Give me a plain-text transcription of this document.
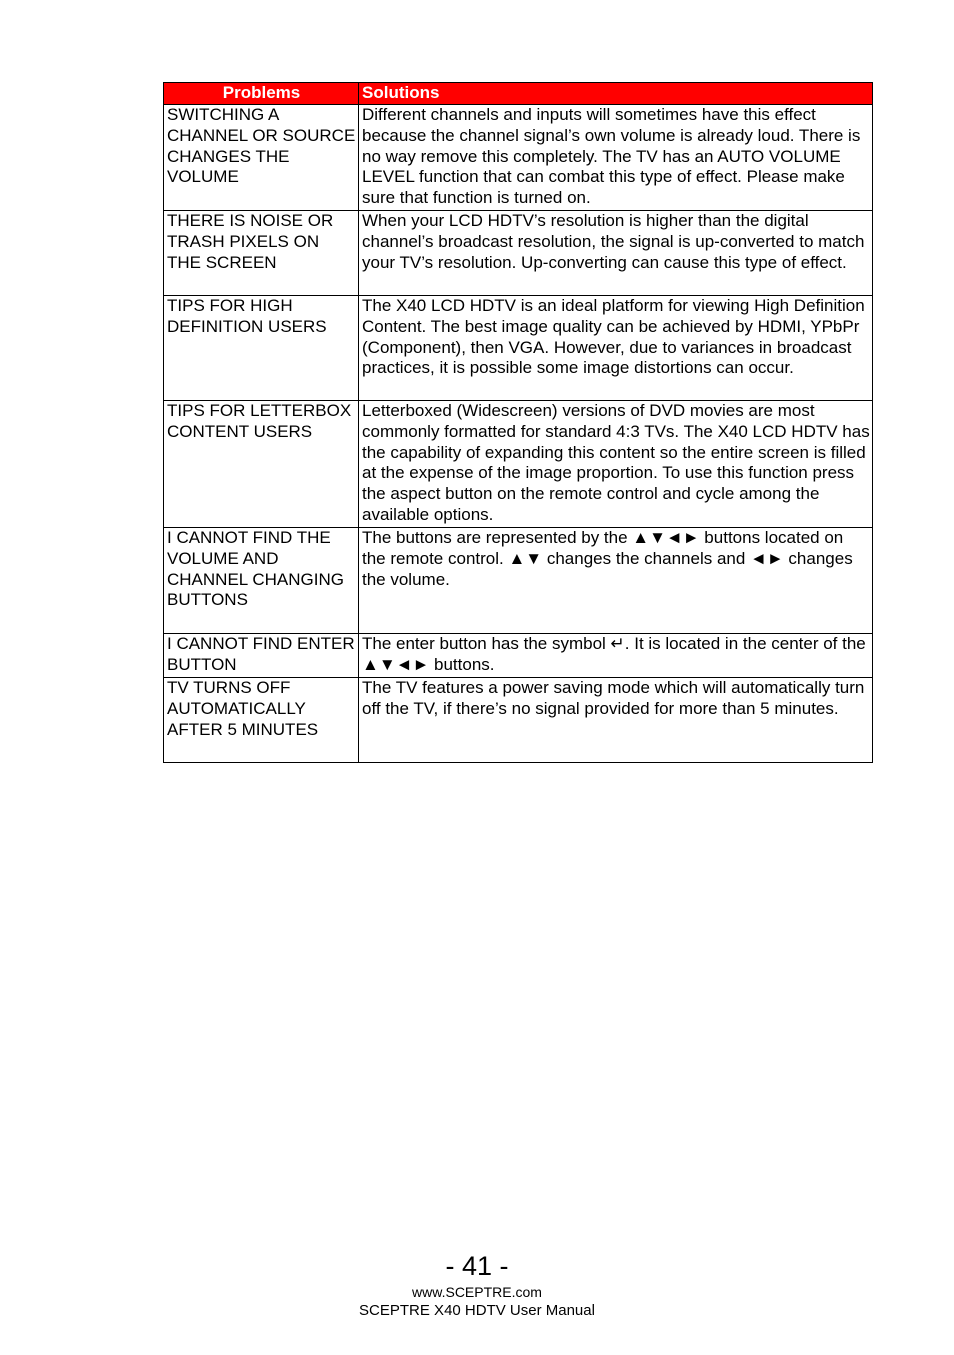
Problems	Solutions
SWITCHING A CHANNEL OR SOURCE CHANGES THE VOLUME	Different channels and inputs will sometimes have this effect because the channel signal’s own volume is already loud. There is no way remove this completely. The TV has an AUTO VOLUME LEVEL function that can combat this type of effect. Please make sure that function is turned on.
THERE IS NOISE OR TRASH PIXELS ON THE SCREEN	When your LCD HDTV’s resolution is higher than the digital channel’s broadcast resolution, the signal is up-converted to match your TV’s resolution. Up-converting can cause this type of effect.
TIPS FOR HIGH DEFINITION USERS	The X40 LCD HDTV is an ideal platform for viewing High Definition Content. The best image quality can be achieved by HDMI, YPbPr (Component), then VGA. However, due to variances in broadcast practices, it is possible some image distortions can occur.
TIPS FOR LETTERBOX CONTENT USERS	Letterboxed (Widescreen) versions of DVD movies are most commonly formatted for standard 4:3 TVs. The X40 LCD HDTV has the capability of expanding this content so the entire screen is filled at the expense of the image proportion. To use this function press the aspect button on the remote control and cycle among the available options.
I CANNOT FIND THE VOLUME AND CHANNEL CHANGING BUTTONS	The buttons are represented by the ▲▼◄► buttons located on the remote control. ▲▼ changes the channels and ◄► changes the volume.
I CANNOT FIND ENTER BUTTON	The enter button has the symbol ↵. It is located in the center of the ▲▼◄► buttons.
TV TURNS OFF AUTOMATICALLY AFTER 5 MINUTES	The TV features a power saving mode which will automatically turn off the TV, if there’s no signal provided for more than 5 minutes.
- 41 -
www.SCEPTRE.com
SCEPTRE X40 HDTV User Manual
